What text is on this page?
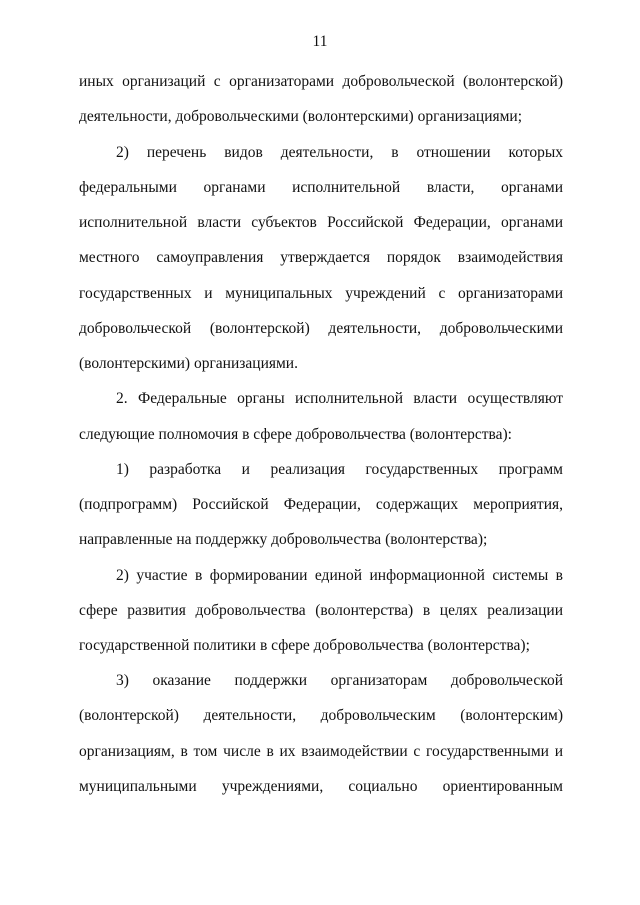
11
иных организаций с организаторами добровольческой (волонтерской)
деятельности, добровольческими (волонтерскими) организациями;
2) перечень видов деятельности, в отношении которых
федеральными органами исполнительной власти, органами
исполнительной власти субъектов Российской Федерации, органами
местного самоуправления утверждается порядок взаимодействия
государственных и муниципальных учреждений с организаторами
добровольческой (волонтерской) деятельности, добровольческими
(волонтерскими) организациями.
2. Федеральные органы исполнительной власти осуществляют
следующие полномочия в сфере добровольчества (волонтерства):
1) разработка и реализация государственных программ
(подпрограмм) Российской Федерации, содержащих мероприятия,
направленные на поддержку добровольчества (волонтерства);
2) участие в формировании единой информационной системы в
сфере развития добровольчества (волонтерства) в целях реализации
государственной политики в сфере добровольчества (волонтерства);
3) оказание поддержки организаторам добровольческой
(волонтерской) деятельности, добровольческим (волонтерским)
организациям, в том числе в их взаимодействии с государственными и
муниципальными учреждениями, социально ориентированным
